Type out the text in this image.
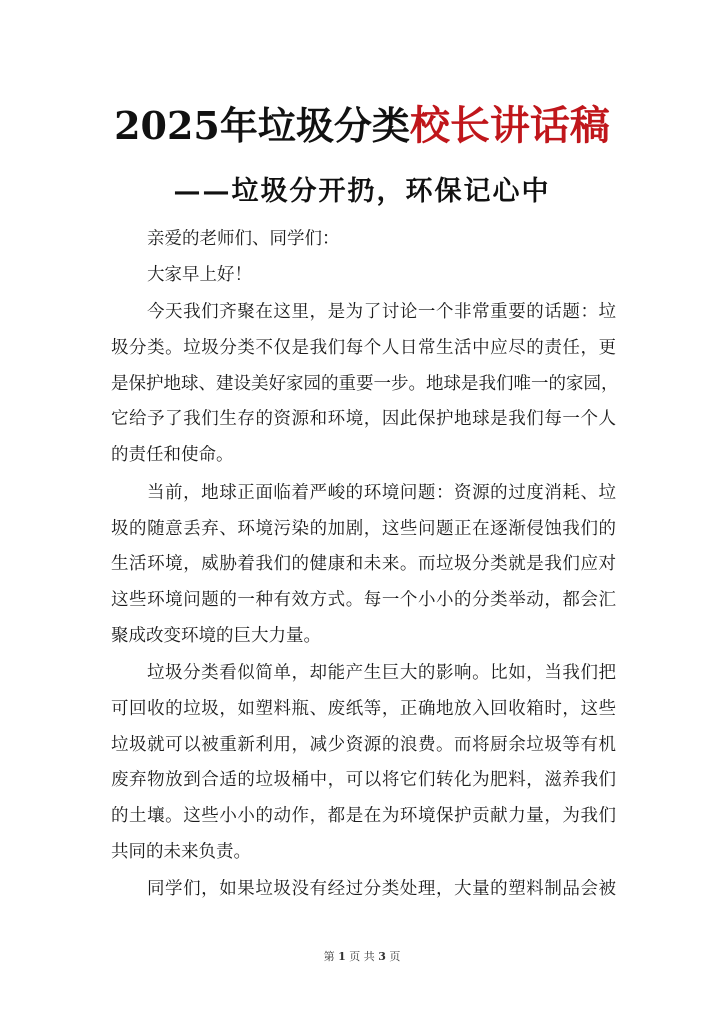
2025年垃圾分类校长讲话稿
——垃圾分开扔，环保记心中
亲爱的老师们、同学们：
大家早上好！
今天我们齐聚在这里，是为了讨论一个非常重要的话题：垃
圾分类。垃圾分类不仅是我们每个人日常生活中应尽的责任，更
是保护地球、建设美好家园的重要一步。地球是我们唯一的家园，
它给予了我们生存的资源和环境，因此保护地球是我们每一个人
的责任和使命。
当前，地球正面临着严峻的环境问题：资源的过度消耗、垃
圾的随意丢弃、环境污染的加剧，这些问题正在逐渐侵蚀我们的
生活环境，威胁着我们的健康和未来。而垃圾分类就是我们应对
这些环境问题的一种有效方式。每一个小小的分类举动，都会汇
聚成改变环境的巨大力量。
垃圾分类看似简单，却能产生巨大的影响。比如，当我们把
可回收的垃圾，如塑料瓶、废纸等，正确地放入回收箱时，这些
垃圾就可以被重新利用，减少资源的浪费。而将厨余垃圾等有机
废弃物放到合适的垃圾桶中，可以将它们转化为肥料，滋养我们
的土壤。这些小小的动作，都是在为环境保护贡献力量，为我们
共同的未来负责。
同学们，如果垃圾没有经过分类处理，大量的塑料制品会被
第 1 页 共 3 页
